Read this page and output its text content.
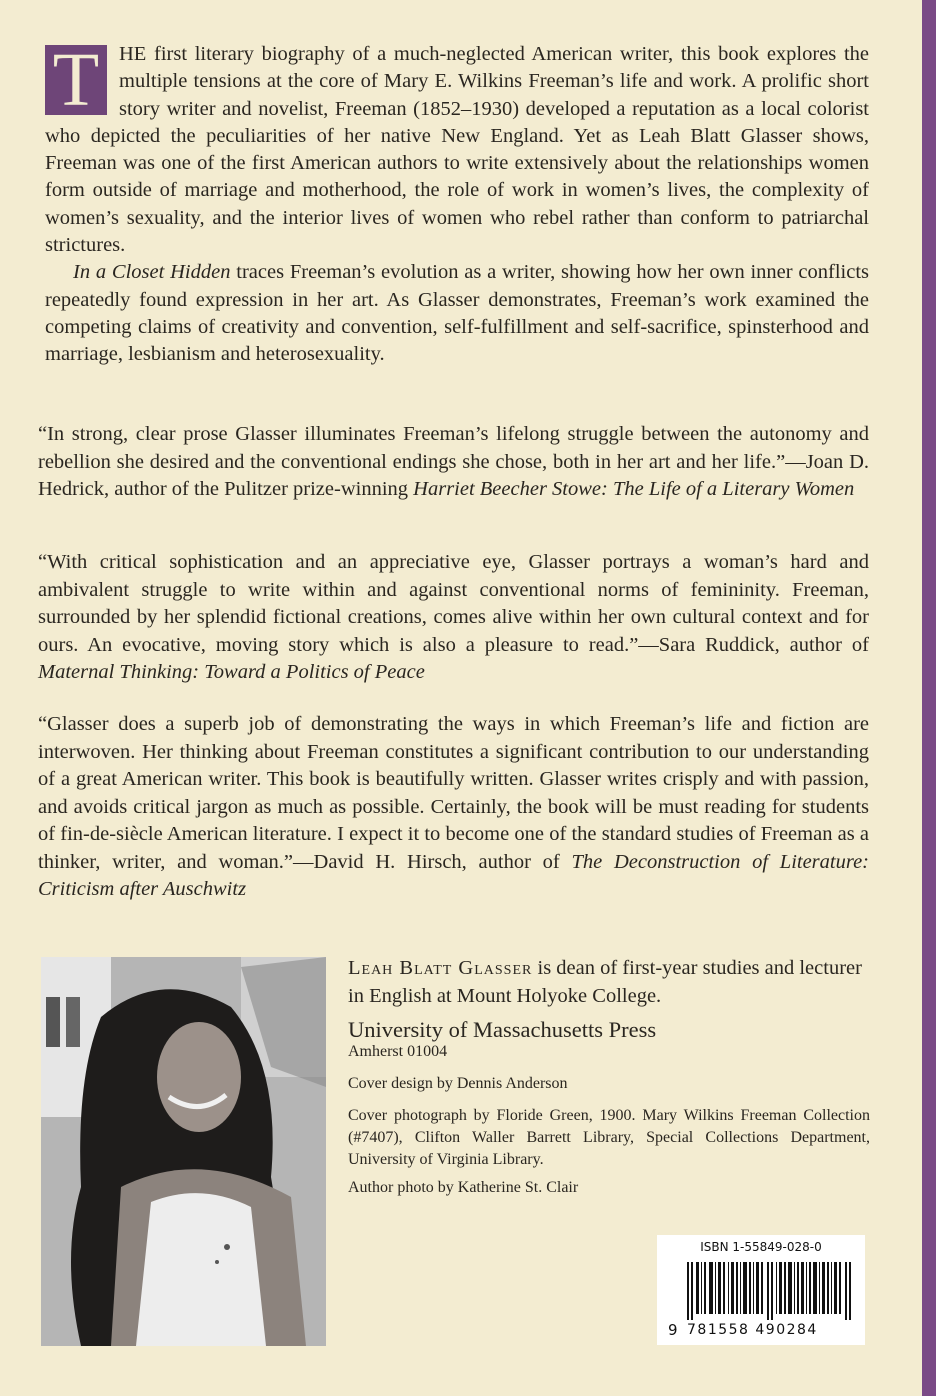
T HE first literary biography of a much-neglected American writer, this book explores the multiple tensions at the core of Mary E. Wilkins Freeman’s life and work. A prolific short story writer and novelist, Freeman (1852–1930) developed a reputation as a local colorist who depicted the peculiarities of her native New England. Yet as Leah Blatt Glasser shows, Freeman was one of the first American authors to write extensively about the relationships women form outside of marriage and motherhood, the role of work in women’s lives, the complexity of women’s sexuality, and the interior lives of women who rebel rather than conform to patriarchal strictures.

In a Closet Hidden traces Freeman’s evolution as a writer, showing how her own inner conflicts repeatedly found expression in her art. As Glasser demonstrates, Freeman’s work examined the competing claims of creativity and convention, self-fulfillment and self-sacrifice, spinsterhood and marriage, lesbianism and heterosexuality.

“In strong, clear prose Glasser illuminates Freeman’s lifelong struggle between the autonomy and rebellion she desired and the conventional endings she chose, both in her art and her life.”—Joan D. Hedrick, author of the Pulitzer prize-winning Harriet Beecher Stowe: The Life of a Literary Women

“With critical sophistication and an appreciative eye, Glasser portrays a woman’s hard and ambivalent struggle to write within and against conventional norms of femininity. Freeman, surrounded by her splendid fictional creations, comes alive within her own cultural context and for ours. An evocative, moving story which is also a pleasure to read.”—Sara Ruddick, author of Maternal Thinking: Toward a Politics of Peace

“Glasser does a superb job of demonstrating the ways in which Freeman’s life and fiction are interwoven. Her thinking about Freeman constitutes a significant contribution to our understanding of a great American writer. This book is beautifully written. Glasser writes crisply and with passion, and avoids critical jargon as much as possible. Certainly, the book will be must reading for students of fin-de-siècle American literature. I expect it to become one of the standard studies of Freeman as a thinker, writer, and woman.”—David H. Hirsch, author of The Deconstruction of Literature: Criticism after Auschwitz

Leah Blatt Glasser is dean of first-year studies and lecturer in English at Mount Holyoke College.

University of Massachusetts Press
Amherst 01004
Cover design by Dennis Anderson
Cover photograph by Floride Green, 1900. Mary Wilkins Freeman Collection (#7407), Clifton Waller Barrett Library, Special Collections Department, University of Virginia Library.
Author photo by Katherine St. Clair
ISBN 1-55849-028-0
9 781558 490284
